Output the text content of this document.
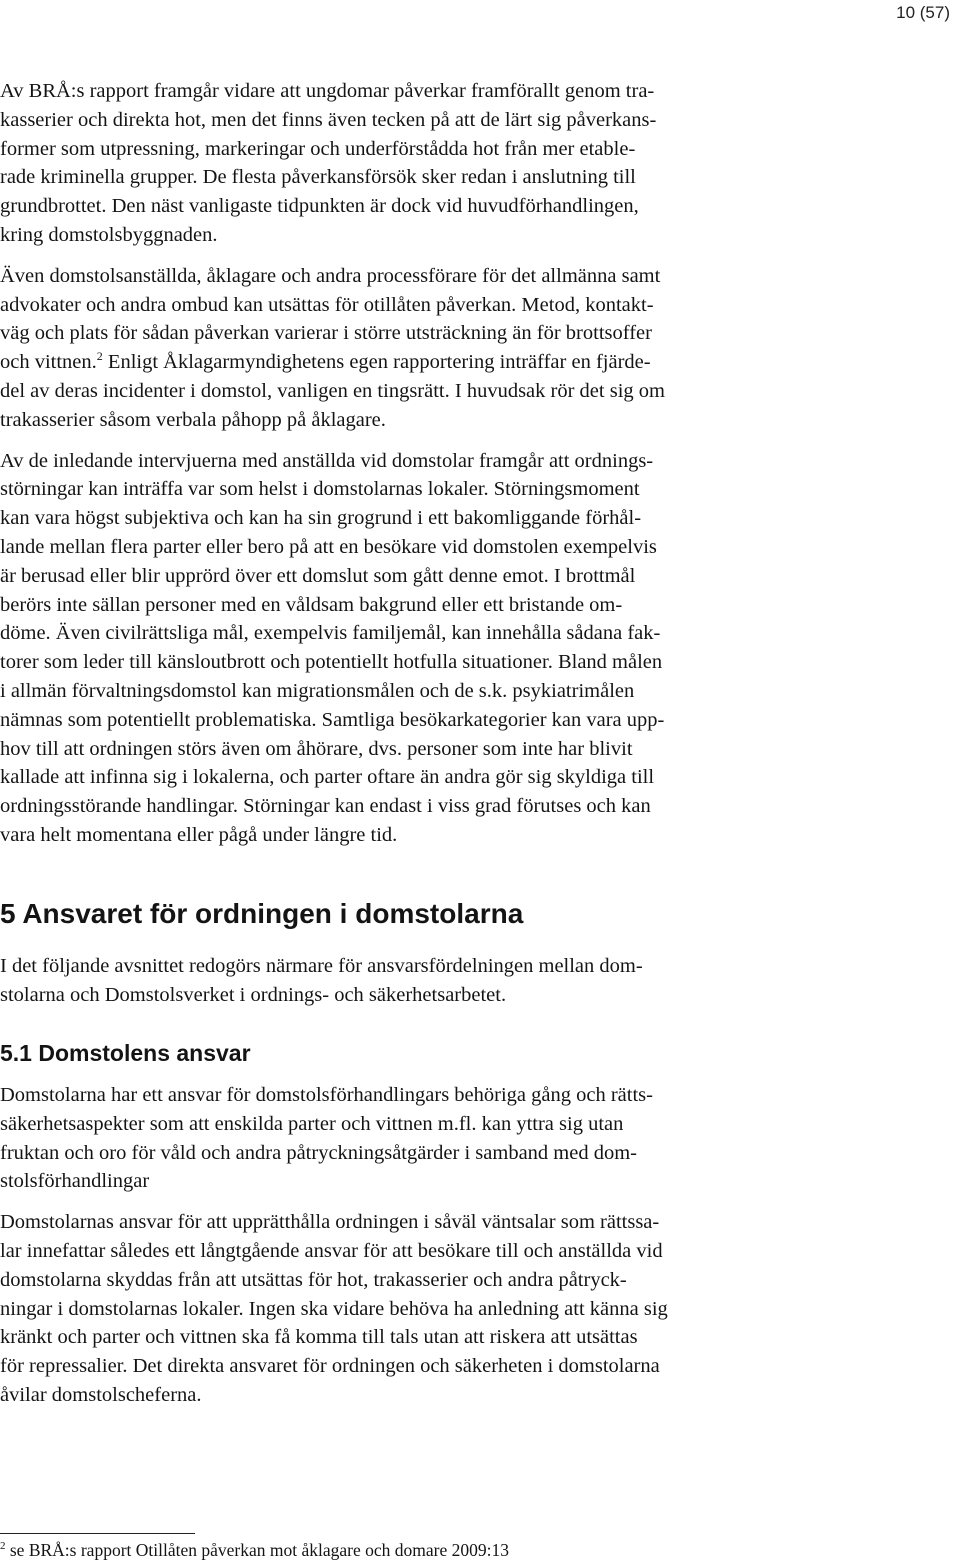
10 (57)

Av BRÅ:s rapport framgår vidare att ungdomar påverkar framförallt genom tra-
kasserier och direkta hot, men det finns även tecken på att de lärt sig påverkans-
former som utpressning, markeringar och underförstådda hot från mer etable-
rade kriminella grupper. De flesta påverkansförsök sker redan i anslutning till
grundbrottet. Den näst vanligaste tidpunkten är dock vid huvudförhandlingen,
kring domstolsbyggnaden.

Även domstolsanställda, åklagare och andra processförare för det allmänna samt
advokater och andra ombud kan utsättas för otillåten påverkan. Metod, kontakt-
väg och plats för sådan påverkan varierar i större utsträckning än för brottsoffer
och vittnen.$^2$ Enligt Åklagarmyndighetens egen rapportering inträffar en fjärde-
del av deras incidenter i domstol, vanligen en tingsrätt. I huvudsak rör det sig om
trakasserier såsom verbala påhopp på åklagare.

Av de inledande intervjuerna med anställda vid domstolar framgår att ordnings-
störningar kan inträffa var som helst i domstolarnas lokaler. Störningsmoment
kan vara högst subjektiva och kan ha sin grogrund i ett bakomliggande förhål-
lande mellan flera parter eller bero på att en besökare vid domstolen exempelvis
är berusad eller blir upprörd över ett domslut som gått denne emot. I brottmål
berörs inte sällan personer med en våldsam bakgrund eller ett bristande om-
döme. Även civilrättsliga mål, exempelvis familjemål, kan innehålla sådana fak-
torer som leder till känsloutbrott och potentiellt hotfulla situationer. Bland målen
i allmän förvaltningsdomstol kan migrationsmålen och de s.k. psykiatrimålen
nämnas som potentiellt problematiska. Samtliga besökarkategorier kan vara upp-
hov till att ordningen störs även om åhörare, dvs. personer som inte har blivit
kallade att infinna sig i lokalerna, och parter oftare än andra gör sig skyldiga till
ordningsstörande handlingar. Störningar kan endast i viss grad förutses och kan
vara helt momentana eller pågå under längre tid.

5 Ansvaret för ordningen i domstolarna

I det följande avsnittet redogörs närmare för ansvarsfördelningen mellan dom-
stolarna och Domstolsverket i ordnings- och säkerhetsarbetet.

5.1 Domstolens ansvar

Domstolarna har ett ansvar för domstolsförhandlingars behöriga gång och rätts-
säkerhetsaspekter som att enskilda parter och vittnen m.fl. kan yttra sig utan
fruktan och oro för våld och andra påtryckningsåtgärder i samband med dom-
stolsförhandlingar

Domstolarnas ansvar för att upprätthålla ordningen i såväl väntsalar som rättssa-
lar innefattar således ett långtgående ansvar för att besökare till och anställda vid
domstolarna skyddas från att utsättas för hot, trakasserier och andra påtryck-
ningar i domstolarnas lokaler. Ingen ska vidare behöva ha anledning att känna sig
kränkt och parter och vittnen ska få komma till tals utan att riskera att utsättas
för repressalier. Det direkta ansvaret för ordningen och säkerheten i domstolarna
åvilar domstolscheferna.

$^2$ se BRÅ:s rapport Otillåten påverkan mot åklagare och domare 2009:13
